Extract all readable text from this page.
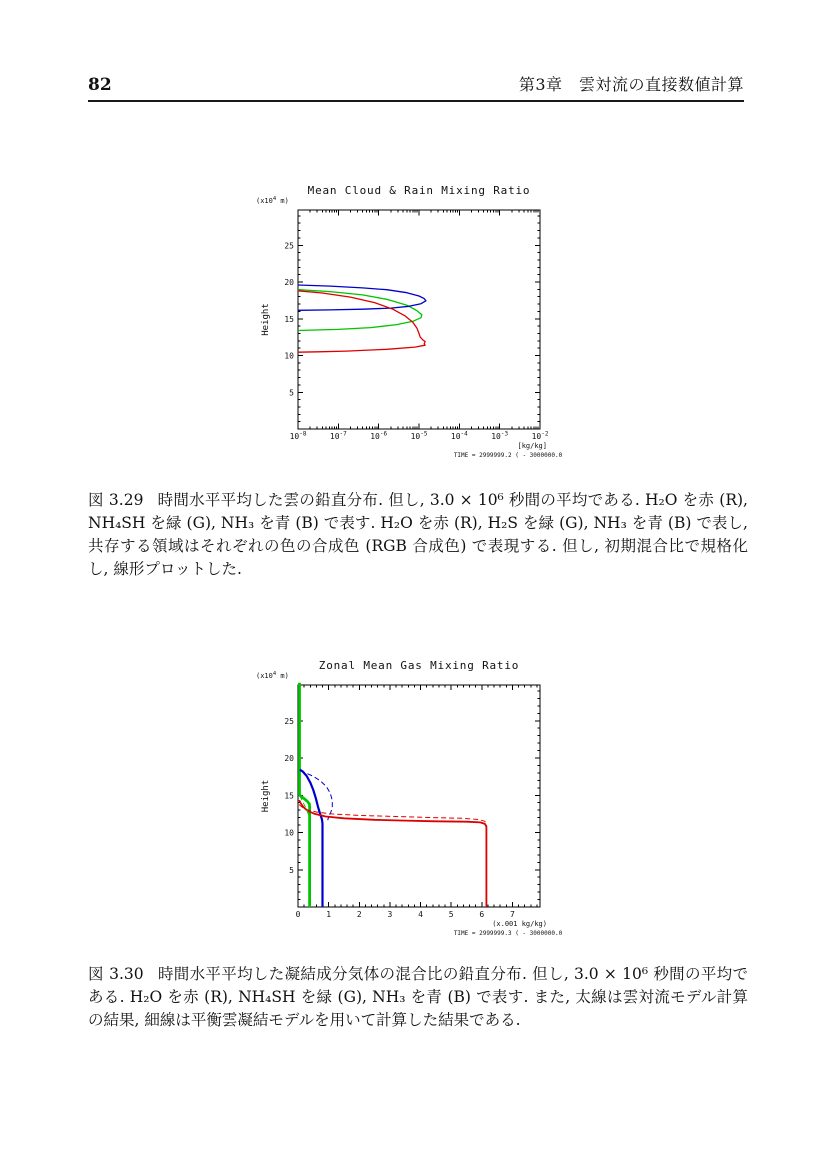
82	第3章　雲対流の直接数値計算
5
10
15
20
25
$10^{-8}$	$10^{-7}$	$10^{-6}$	$10^{-5}$	$10^{-4}$	$10^{-3}$	$10^{-2}$
Mean Cloud & Rain Mixing Ratio
($x10^4$ m)
Height
[kg/kg]
TIME = 2999999.2 ( - 3000000.0

図 3.29 時間水平平均した雲の鉛直分布. 但し, 3.0 × 10⁶ 秒間の平均である. H₂O を赤 (R), NH₄SH を緑 (G), NH₃ を青 (B) で表す. H₂O を赤 (R), H₂S を緑 (G), NH₃ を青 (B) で表し, 共存する領域はそれぞれの色の合成色 (RGB 合成色) で表現する. 但し, 初期混合比で規格化し, 線形プロットした.

5
10
15
20
25
0	1	2	3	4	5	6	7
Zonal Mean Gas Mixing Ratio
($x10^4$ m)
Height
(x.001 kg/kg)
TIME = 2999999.3 ( - 3000000.0

図 3.30 時間水平平均した凝結成分気体の混合比の鉛直分布. 但し, 3.0 × 10⁶ 秒間の平均である. H₂O を赤 (R), NH₄SH を緑 (G), NH₃ を青 (B) で表す. また, 太線は雲対流モデル計算の結果, 細線は平衡雲凝結モデルを用いて計算した結果である.
